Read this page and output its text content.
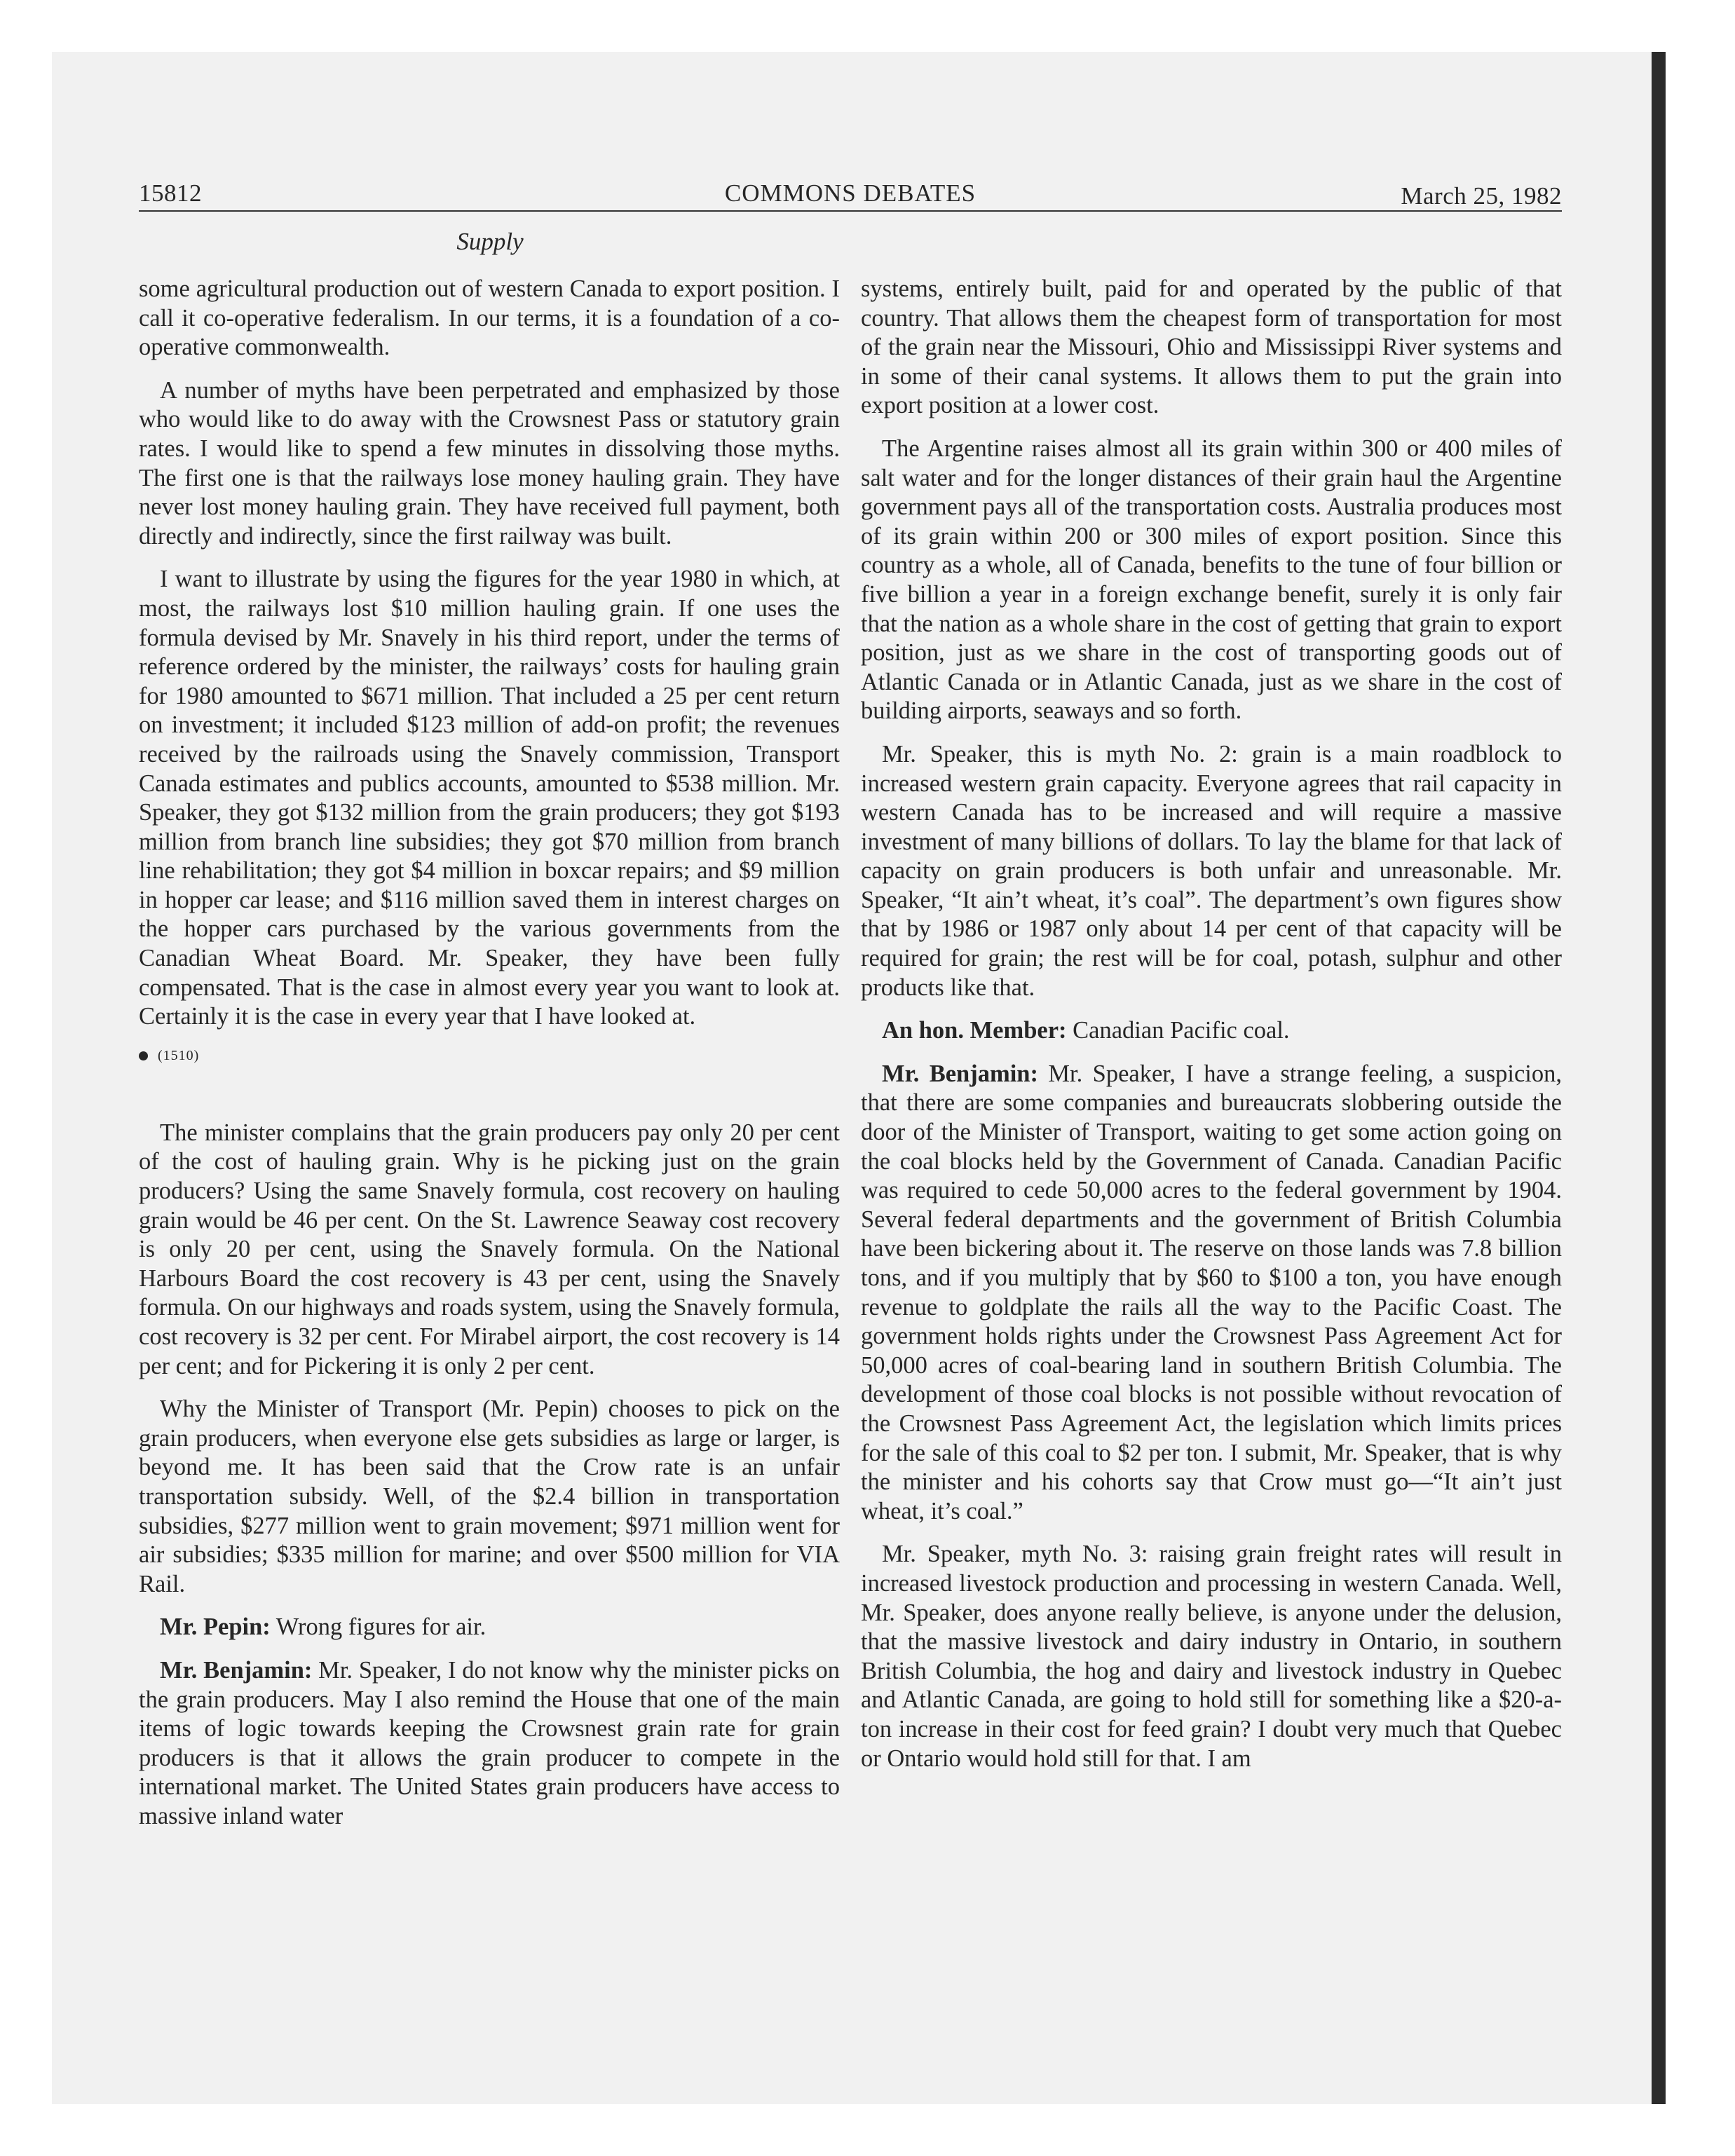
15812	COMMONS DEBATES	March 25, 1982
Supply

some agricultural production out of western Canada to export position. I call it co-operative federalism. In our terms, it is a foundation of a co-operative commonwealth.

A number of myths have been perpetrated and emphasized by those who would like to do away with the Crowsnest Pass or statutory grain rates. I would like to spend a few minutes in dissolving those myths. The first one is that the railways lose money hauling grain. They have never lost money hauling grain. They have received full payment, both directly and indirectly, since the first railway was built.

I want to illustrate by using the figures for the year 1980 in which, at most, the railways lost $10 million hauling grain. If one uses the formula devised by Mr. Snavely in his third report, under the terms of reference ordered by the minister, the railways’ costs for hauling grain for 1980 amounted to $671 million. That included a 25 per cent return on investment; it included $123 million of add-on profit; the revenues received by the railroads using the Snavely commission, Transport Canada estimates and publics accounts, amounted to $538 million. Mr. Speaker, they got $132 million from the grain producers; they got $193 million from branch line subsidies; they got $70 million from branch line rehabilitation; they got $4 million in boxcar repairs; and $9 million in hopper car lease; and $116 million saved them in interest charges on the hopper cars purchased by the various governments from the Canadian Wheat Board. Mr. Speaker, they have been fully compensated. That is the case in almost every year you want to look at. Certainly it is the case in every year that I have looked at.

(1510)

The minister complains that the grain producers pay only 20 per cent of the cost of hauling grain. Why is he picking just on the grain producers? Using the same Snavely formula, cost recovery on hauling grain would be 46 per cent. On the St. Lawrence Seaway cost recovery is only 20 per cent, using the Snavely formula. On the National Harbours Board the cost recovery is 43 per cent, using the Snavely formula. On our highways and roads system, using the Snavely formula, cost recovery is 32 per cent. For Mirabel airport, the cost recovery is 14 per cent; and for Pickering it is only 2 per cent.

Why the Minister of Transport (Mr. Pepin) chooses to pick on the grain producers, when everyone else gets subsidies as large or larger, is beyond me. It has been said that the Crow rate is an unfair transportation subsidy. Well, of the $2.4 billion in transportation subsidies, $277 million went to grain movement; $971 million went for air subsidies; $335 million for marine; and over $500 million for VIA Rail.

Mr. Pepin: Wrong figures for air.

Mr. Benjamin: Mr. Speaker, I do not know why the minister picks on the grain producers. May I also remind the House that one of the main items of logic towards keeping the Crowsnest grain rate for grain producers is that it allows the grain producer to compete in the international market. The United States grain producers have access to massive inland water

systems, entirely built, paid for and operated by the public of that country. That allows them the cheapest form of transportation for most of the grain near the Missouri, Ohio and Mississippi River systems and in some of their canal systems. It allows them to put the grain into export position at a lower cost.

The Argentine raises almost all its grain within 300 or 400 miles of salt water and for the longer distances of their grain haul the Argentine government pays all of the transportation costs. Australia produces most of its grain within 200 or 300 miles of export position. Since this country as a whole, all of Canada, benefits to the tune of four billion or five billion a year in a foreign exchange benefit, surely it is only fair that the nation as a whole share in the cost of getting that grain to export position, just as we share in the cost of transporting goods out of Atlantic Canada or in Atlantic Canada, just as we share in the cost of building airports, seaways and so forth.

Mr. Speaker, this is myth No. 2: grain is a main roadblock to increased western grain capacity. Everyone agrees that rail capacity in western Canada has to be increased and will require a massive investment of many billions of dollars. To lay the blame for that lack of capacity on grain producers is both unfair and unreasonable. Mr. Speaker, “It ain’t wheat, it’s coal”. The department’s own figures show that by 1986 or 1987 only about 14 per cent of that capacity will be required for grain; the rest will be for coal, potash, sulphur and other products like that.

An hon. Member: Canadian Pacific coal.

Mr. Benjamin: Mr. Speaker, I have a strange feeling, a suspicion, that there are some companies and bureaucrats slobbering outside the door of the Minister of Transport, waiting to get some action going on the coal blocks held by the Government of Canada. Canadian Pacific was required to cede 50,000 acres to the federal government by 1904. Several federal departments and the government of British Columbia have been bickering about it. The reserve on those lands was 7.8 billion tons, and if you multiply that by $60 to $100 a ton, you have enough revenue to goldplate the rails all the way to the Pacific Coast. The government holds rights under the Crowsnest Pass Agreement Act for 50,000 acres of coal-bearing land in southern British Columbia. The development of those coal blocks is not possible without revocation of the Crowsnest Pass Agreement Act, the legislation which limits prices for the sale of this coal to $2 per ton. I submit, Mr. Speaker, that is why the minister and his cohorts say that Crow must go—“It ain’t just wheat, it’s coal.”

Mr. Speaker, myth No. 3: raising grain freight rates will result in increased livestock production and processing in western Canada. Well, Mr. Speaker, does anyone really believe, is anyone under the delusion, that the massive livestock and dairy industry in Ontario, in southern British Columbia, the hog and dairy and livestock industry in Quebec and Atlantic Canada, are going to hold still for something like a $20-a-ton increase in their cost for feed grain? I doubt very much that Quebec or Ontario would hold still for that. I am
